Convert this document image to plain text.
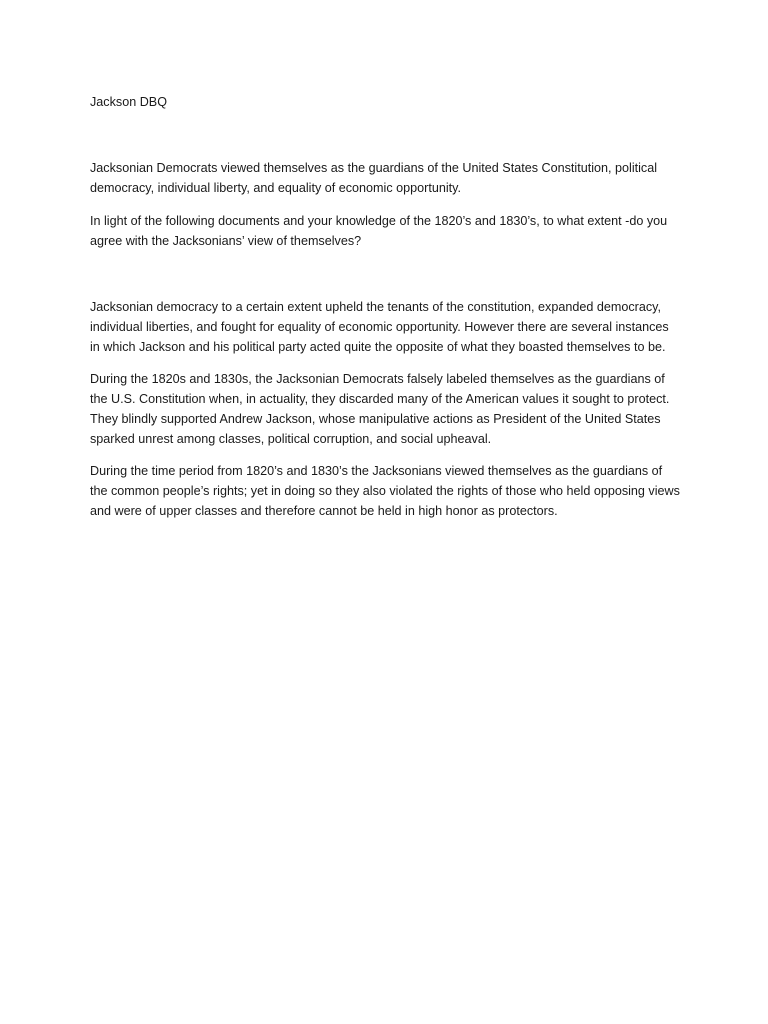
Jackson DBQ

Jacksonian Democrats viewed themselves as the guardians of the United States Constitution, political democracy, individual liberty, and equality of economic opportunity.

In light of the following documents and your knowledge of the 1820’s and 1830’s, to what extent -do you agree with the Jacksonians’ view of themselves?

Jacksonian democracy to a certain extent upheld the tenants of the constitution, expanded democracy, individual liberties, and fought for equality of economic opportunity. However there are several instances in which Jackson and his political party acted quite the opposite of what they boasted themselves to be.

During the 1820s and 1830s, the Jacksonian Democrats falsely labeled themselves as the guardians of the U.S. Constitution when, in actuality, they discarded many of the American values it sought to protect. They blindly supported Andrew Jackson, whose manipulative actions as President of the United States sparked unrest among classes, political corruption, and social upheaval.

During the time period from 1820’s and 1830’s the Jacksonians viewed themselves as the guardians of the common people’s rights; yet in doing so they also violated the rights of those who held opposing views and were of upper classes and therefore cannot be held in high honor as protectors.
